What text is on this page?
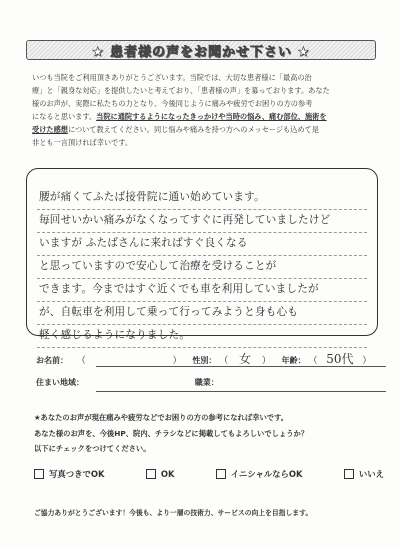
★ 患者様の声をお聞かせ下さい ★
いつも当院をご利用頂きありがとうございます。当院では、大切な患者様に「最高の治
療」と「親身な対応」を提供したいと考えており、「患者様の声」を募っております。あなた
様のお声が、実際に私たちの力となり、今後同じように痛みや疲労でお困りの方の参考
になると思います。当院に通院するようになったきっかけや当時の悩み、痛む部位、施術を
受けた感想について教えてください。同じ悩みや痛みを持つ方へのメッセージも込めて是
非とも一言頂ければ幸いです。
腰が痛くてふたば接骨院に通い始めています。
毎回せいかい痛みがなくなってすぐに再発していましたけど
いますが ふたばさんに来ればすぐ良くなる
と思っていますので安心して治療を受けることが
できます。今まではすぐ近くでも車を利用していましたが
が、自転車を利用して乗って行ってみようと身も心も
軽く感じるようになりました。
お名前： （	） 性別： （ 女 ） 年齢： （ 50代 ）
住まい地域：	職業：
★あなたのお声が現在痛みや疲労などでお困りの方の参考になれば幸いです。
あなた様のお声を、今後HP、院内、チラシなどに掲載してもよろしいでしょうか？
以下にチェックをつけてください。
写真つきでOK	OK	イニシャルならOK	いいえ
ご協力ありがとうございます！今後も、より一層の技術力、サービスの向上を目指します。
